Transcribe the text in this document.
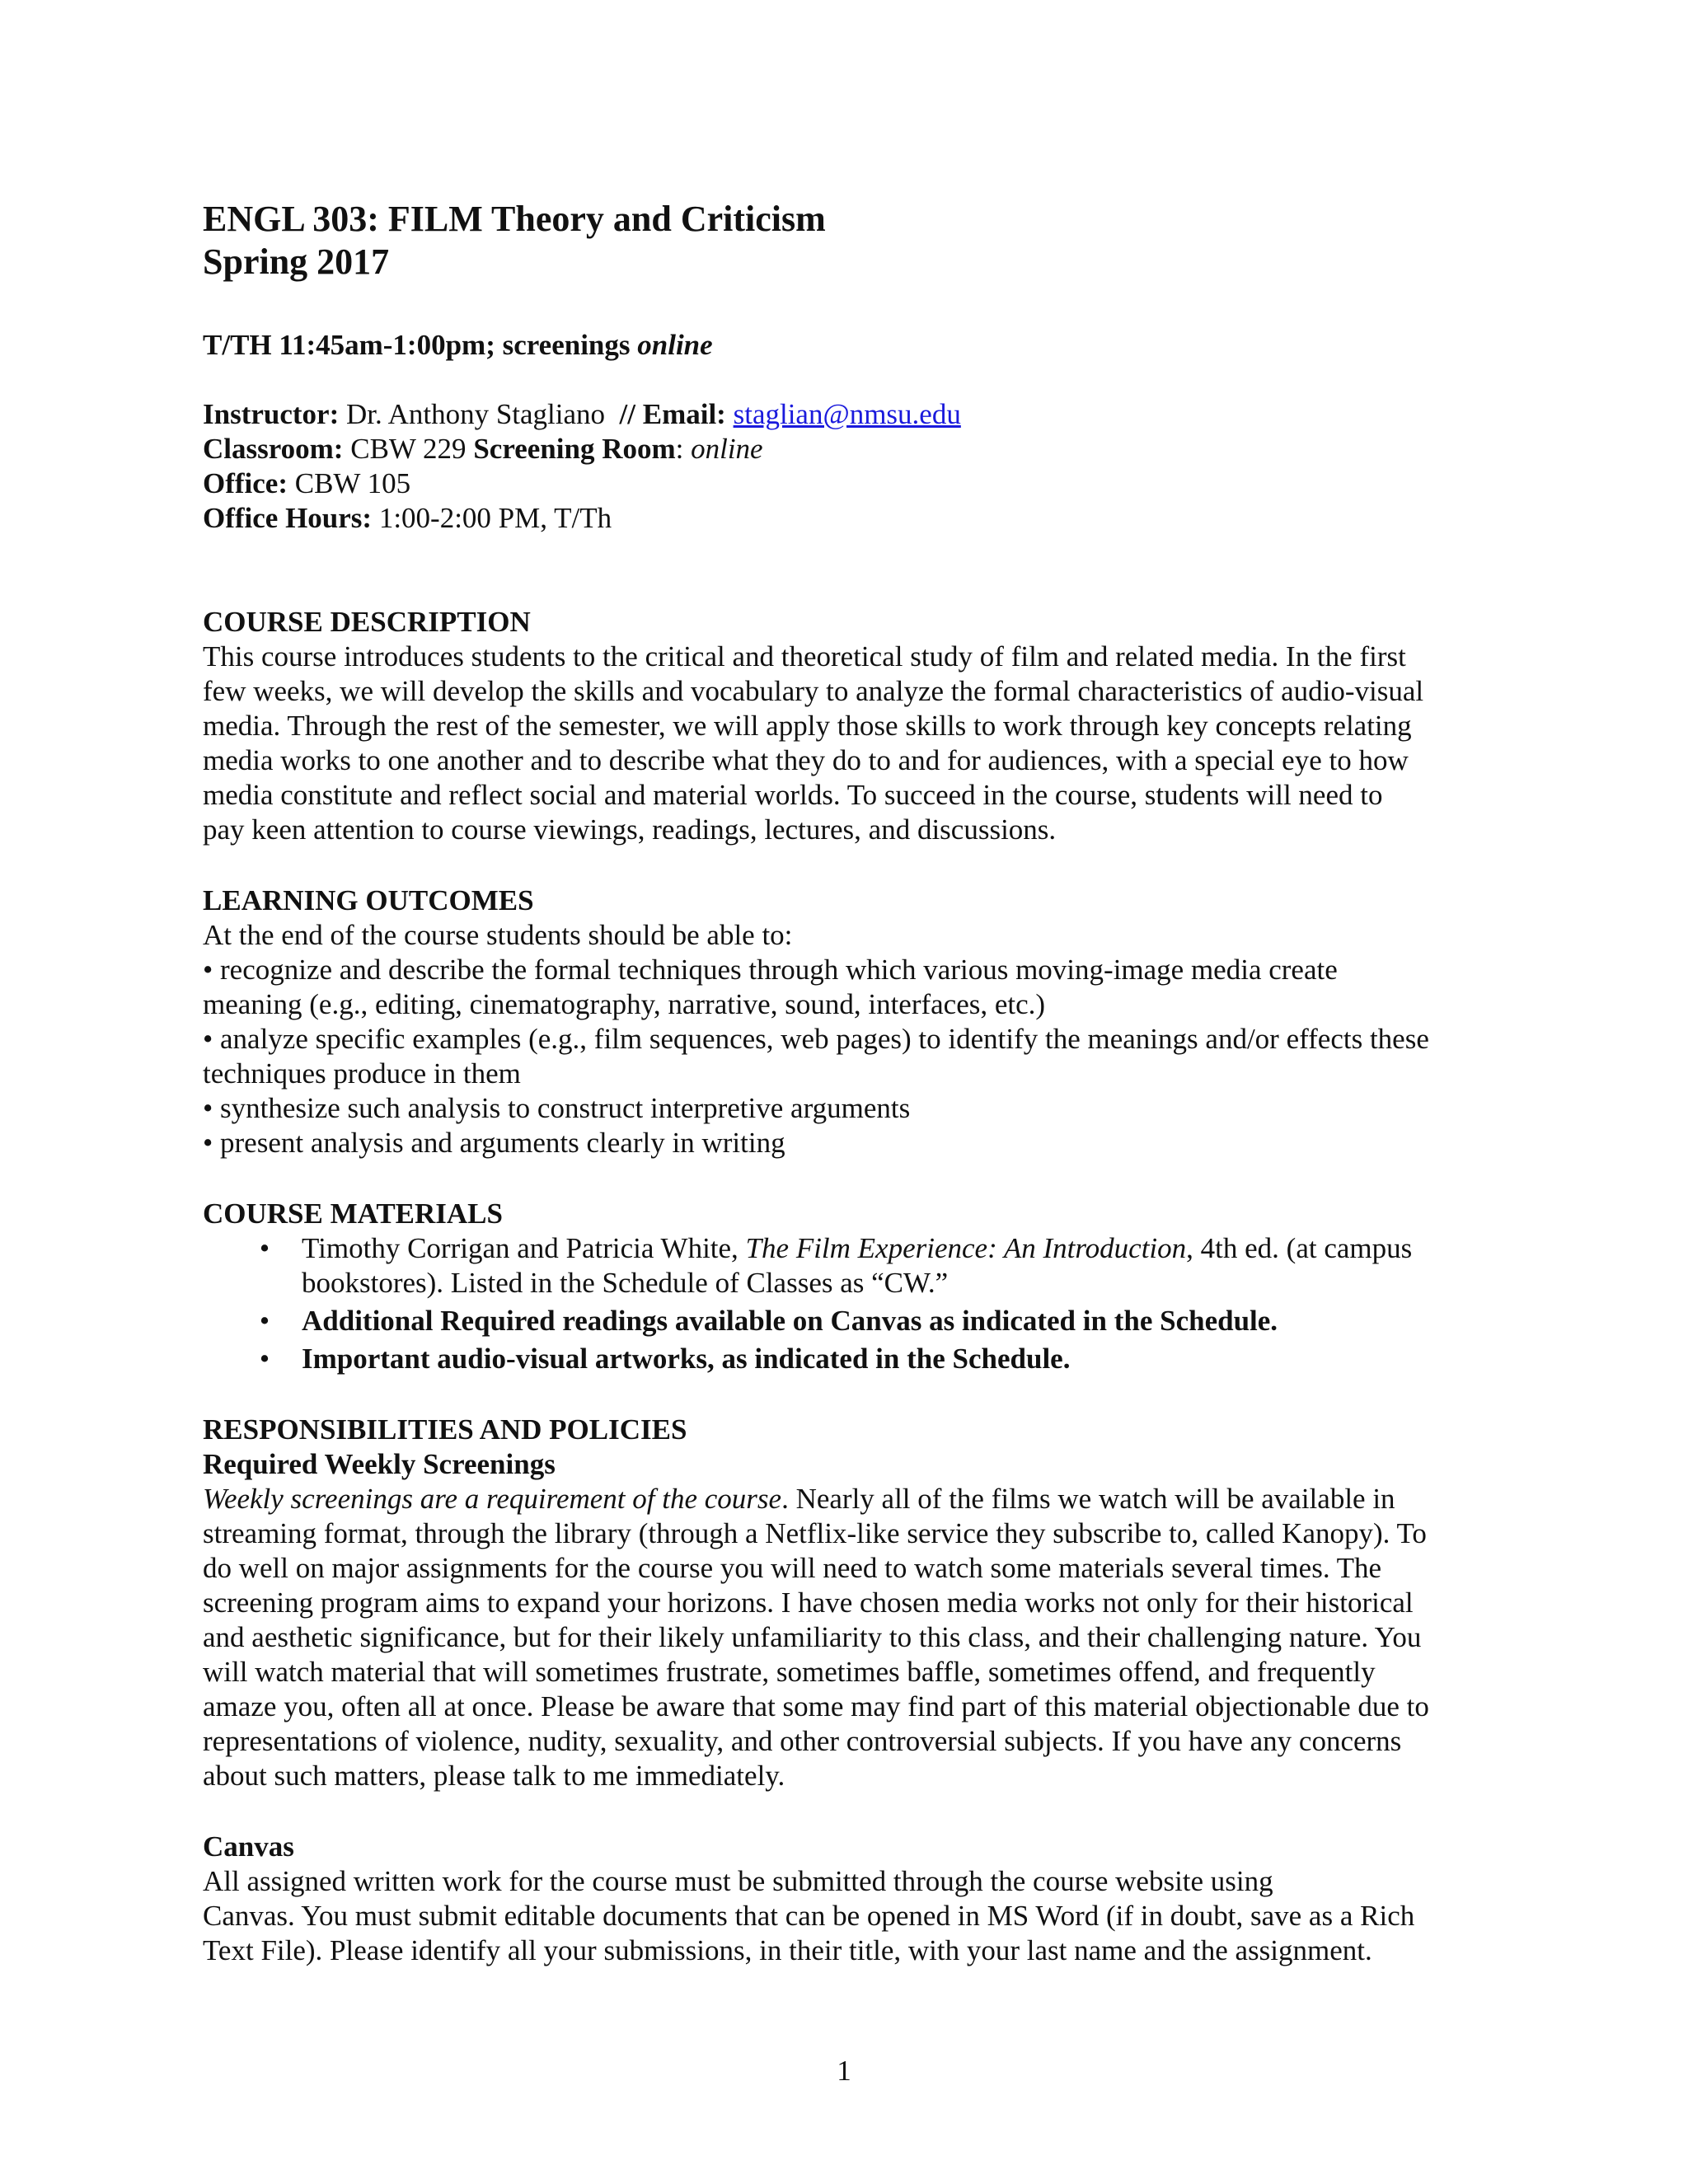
ENGL 303: FILM Theory and Criticism
Spring 2017
T/TH 11:45am-1:00pm; screenings online
Instructor: Dr. Anthony Stagliano  // Email: staglian@nmsu.edu
Classroom: CBW 229 Screening Room: online
Office: CBW 105
Office Hours: 1:00-2:00 PM, T/Th
COURSE DESCRIPTION
This course introduces students to the critical and theoretical study of film and related media. In the first
few weeks, we will develop the skills and vocabulary to analyze the formal characteristics of audio-visual
media. Through the rest of the semester, we will apply those skills to work through key concepts relating
media works to one another and to describe what they do to and for audiences, with a special eye to how
media constitute and reflect social and material worlds. To succeed in the course, students will need to
pay keen attention to course viewings, readings, lectures, and discussions.
LEARNING OUTCOMES
At the end of the course students should be able to:
• recognize and describe the formal techniques through which various moving-image media create
meaning (e.g., editing, cinematography, narrative, sound, interfaces, etc.)
• analyze specific examples (e.g., film sequences, web pages) to identify the meanings and/or effects these
techniques produce in them
• synthesize such analysis to construct interpretive arguments
• present analysis and arguments clearly in writing
COURSE MATERIALS
• Timothy Corrigan and Patricia White, The Film Experience: An Introduction, 4th ed. (at campus
bookstores). Listed in the Schedule of Classes as “CW.”
• Additional Required readings available on Canvas as indicated in the Schedule.
• Important audio-visual artworks, as indicated in the Schedule.
RESPONSIBILITIES AND POLICIES
Required Weekly Screenings
Weekly screenings are a requirement of the course. Nearly all of the films we watch will be available in
streaming format, through the library (through a Netflix-like service they subscribe to, called Kanopy). To
do well on major assignments for the course you will need to watch some materials several times. The
screening program aims to expand your horizons. I have chosen media works not only for their historical
and aesthetic significance, but for their likely unfamiliarity to this class, and their challenging nature. You
will watch material that will sometimes frustrate, sometimes baffle, sometimes offend, and frequently
amaze you, often all at once. Please be aware that some may find part of this material objectionable due to
representations of violence, nudity, sexuality, and other controversial subjects. If you have any concerns
about such matters, please talk to me immediately.
Canvas
All assigned written work for the course must be submitted through the course website using
Canvas. You must submit editable documents that can be opened in MS Word (if in doubt, save as a Rich
Text File). Please identify all your submissions, in their title, with your last name and the assignment.
1
